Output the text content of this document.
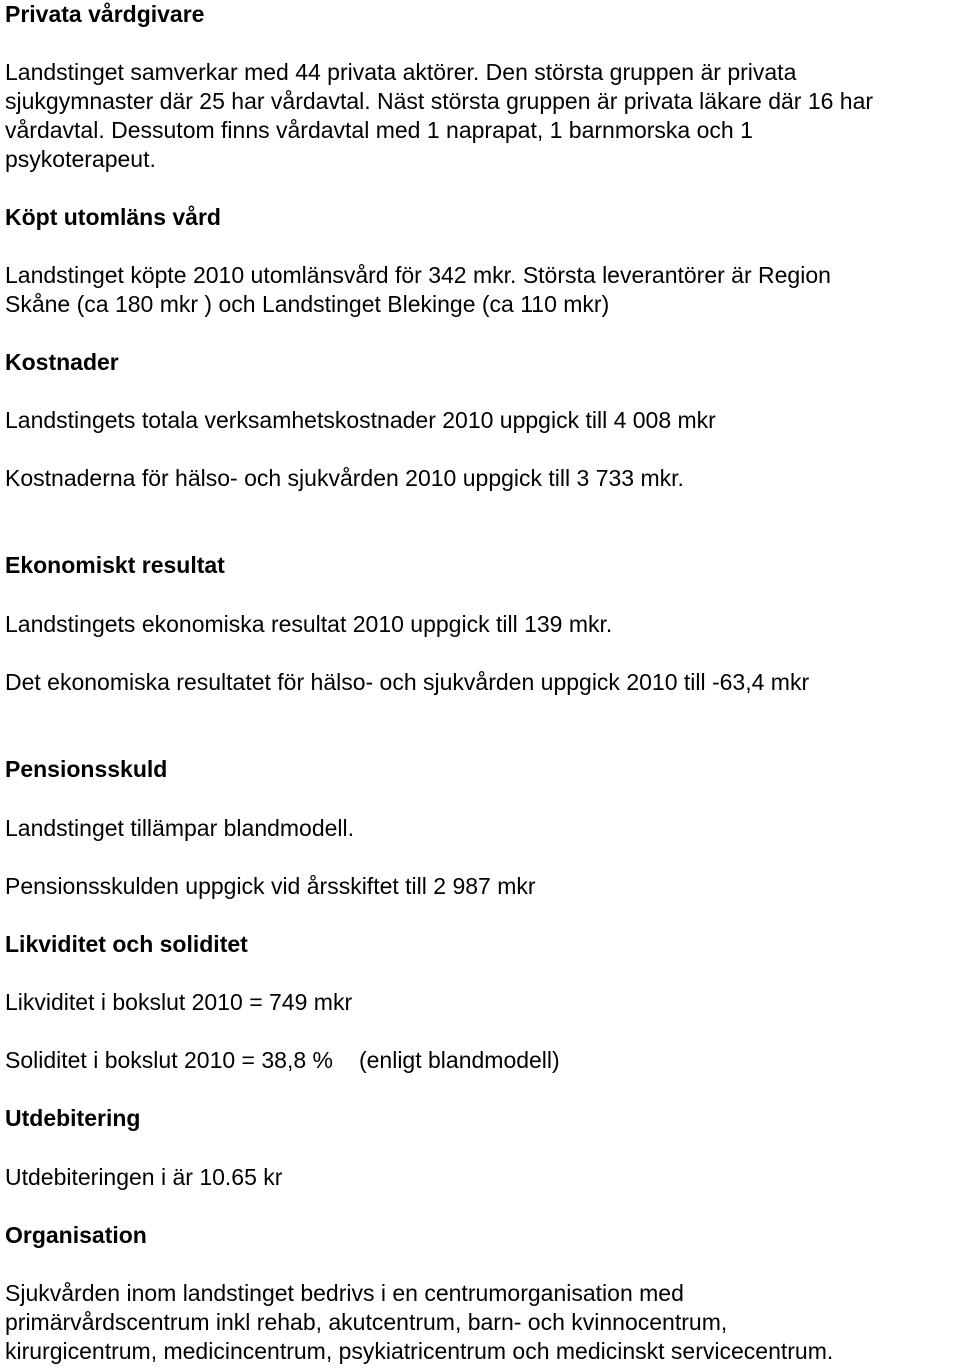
Privata vårdgivare
Landstinget samverkar med 44 privata aktörer. Den största gruppen är privata
sjukgymnaster där 25 har vårdavtal. Näst största gruppen är privata läkare där 16 har
vårdavtal. Dessutom finns vårdavtal med 1 naprapat, 1 barnmorska och 1
psykoterapeut.
Köpt utomläns vård
Landstinget köpte 2010 utomlänsvård för 342 mkr. Största leverantörer är Region
Skåne (ca 180 mkr ) och Landstinget Blekinge (ca 110 mkr)
Kostnader
Landstingets totala verksamhetskostnader 2010 uppgick till 4 008 mkr
Kostnaderna för hälso- och sjukvården 2010 uppgick till 3 733 mkr.
Ekonomiskt resultat
Landstingets ekonomiska resultat 2010 uppgick till 139 mkr.
Det ekonomiska resultatet för hälso- och sjukvården uppgick 2010 till -63,4 mkr
Pensionsskuld
Landstinget tillämpar blandmodell.
Pensionsskulden uppgick vid årsskiftet till 2 987 mkr
Likviditet och soliditet
Likviditet i bokslut 2010 = 749 mkr
Soliditet i bokslut 2010 = 38,8 % (enligt blandmodell)
Utdebitering
Utdebiteringen i är 10.65 kr
Organisation
Sjukvården inom landstinget bedrivs i en centrumorganisation med
primärvårdscentrum inkl rehab, akutcentrum, barn- och kvinnocentrum,
kirurgicentrum, medicincentrum, psykiatricentrum och medicinskt servicecentrum.
